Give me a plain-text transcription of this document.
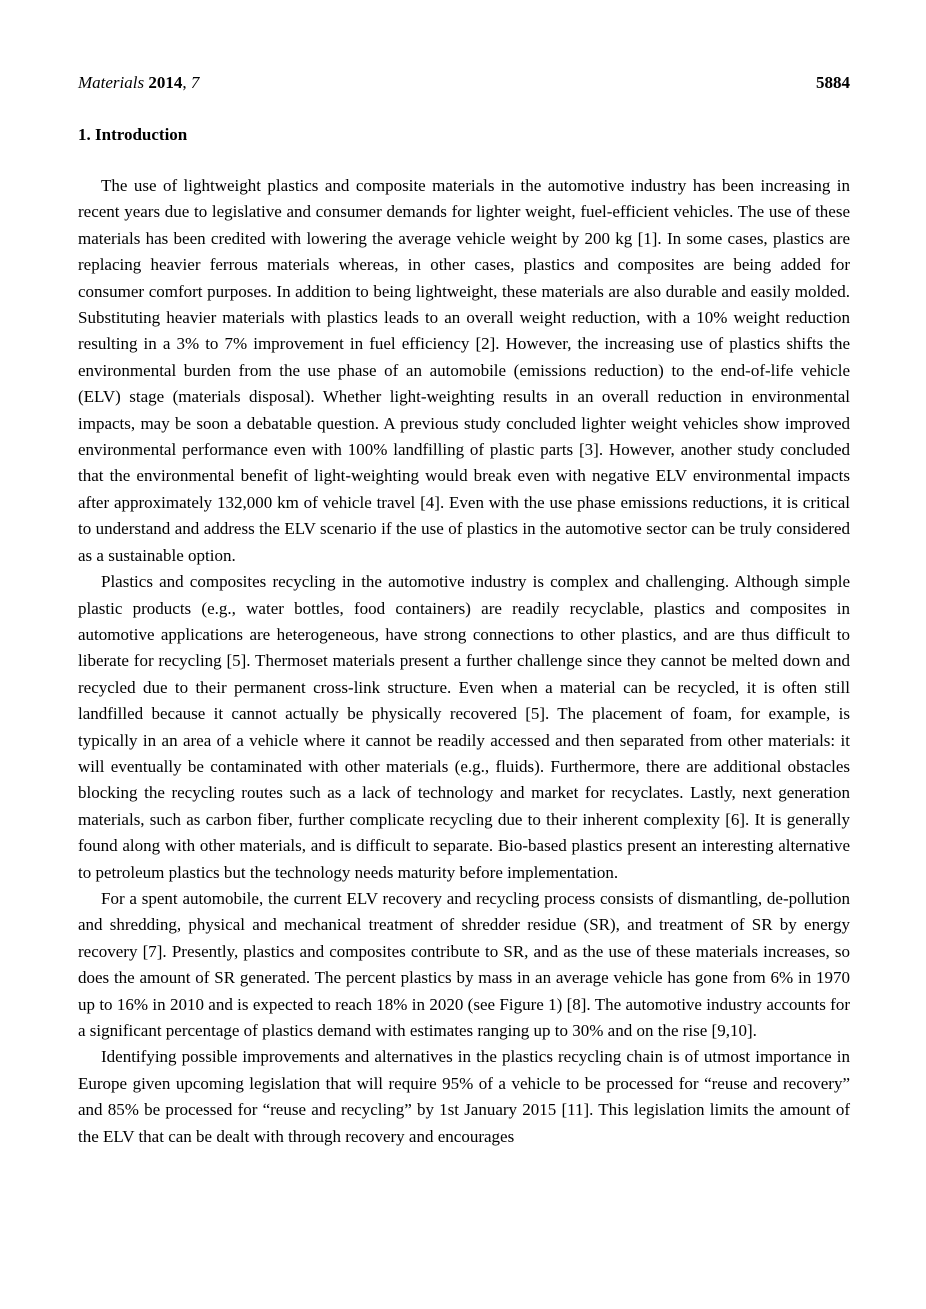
Materials 2014, 7	5884
1. Introduction

The use of lightweight plastics and composite materials in the automotive industry has been increasing in recent years due to legislative and consumer demands for lighter weight, fuel-efficient vehicles. The use of these materials has been credited with lowering the average vehicle weight by 200 kg [1]. In some cases, plastics are replacing heavier ferrous materials whereas, in other cases, plastics and composites are being added for consumer comfort purposes. In addition to being lightweight, these materials are also durable and easily molded. Substituting heavier materials with plastics leads to an overall weight reduction, with a 10% weight reduction resulting in a 3% to 7% improvement in fuel efficiency [2]. However, the increasing use of plastics shifts the environmental burden from the use phase of an automobile (emissions reduction) to the end-of-life vehicle (ELV) stage (materials disposal). Whether light-weighting results in an overall reduction in environmental impacts, may be soon a debatable question. A previous study concluded lighter weight vehicles show improved environmental performance even with 100% landfilling of plastic parts [3]. However, another study concluded that the environmental benefit of light-weighting would break even with negative ELV environmental impacts after approximately 132,000 km of vehicle travel [4]. Even with the use phase emissions reductions, it is critical to understand and address the ELV scenario if the use of plastics in the automotive sector can be truly considered as a sustainable option.

Plastics and composites recycling in the automotive industry is complex and challenging. Although simple plastic products (e.g., water bottles, food containers) are readily recyclable, plastics and composites in automotive applications are heterogeneous, have strong connections to other plastics, and are thus difficult to liberate for recycling [5]. Thermoset materials present a further challenge since they cannot be melted down and recycled due to their permanent cross-link structure. Even when a material can be recycled, it is often still landfilled because it cannot actually be physically recovered [5]. The placement of foam, for example, is typically in an area of a vehicle where it cannot be readily accessed and then separated from other materials: it will eventually be contaminated with other materials (e.g., fluids). Furthermore, there are additional obstacles blocking the recycling routes such as a lack of technology and market for recyclates. Lastly, next generation materials, such as carbon fiber, further complicate recycling due to their inherent complexity [6]. It is generally found along with other materials, and is difficult to separate. Bio-based plastics present an interesting alternative to petroleum plastics but the technology needs maturity before implementation.

For a spent automobile, the current ELV recovery and recycling process consists of dismantling, de-pollution and shredding, physical and mechanical treatment of shredder residue (SR), and treatment of SR by energy recovery [7]. Presently, plastics and composites contribute to SR, and as the use of these materials increases, so does the amount of SR generated. The percent plastics by mass in an average vehicle has gone from 6% in 1970 up to 16% in 2010 and is expected to reach 18% in 2020 (see Figure 1) [8]. The automotive industry accounts for a significant percentage of plastics demand with estimates ranging up to 30% and on the rise [9,10].

Identifying possible improvements and alternatives in the plastics recycling chain is of utmost importance in Europe given upcoming legislation that will require 95% of a vehicle to be processed for “reuse and recovery” and 85% be processed for “reuse and recycling” by 1st January 2015 [11]. This legislation limits the amount of the ELV that can be dealt with through recovery and encourages
